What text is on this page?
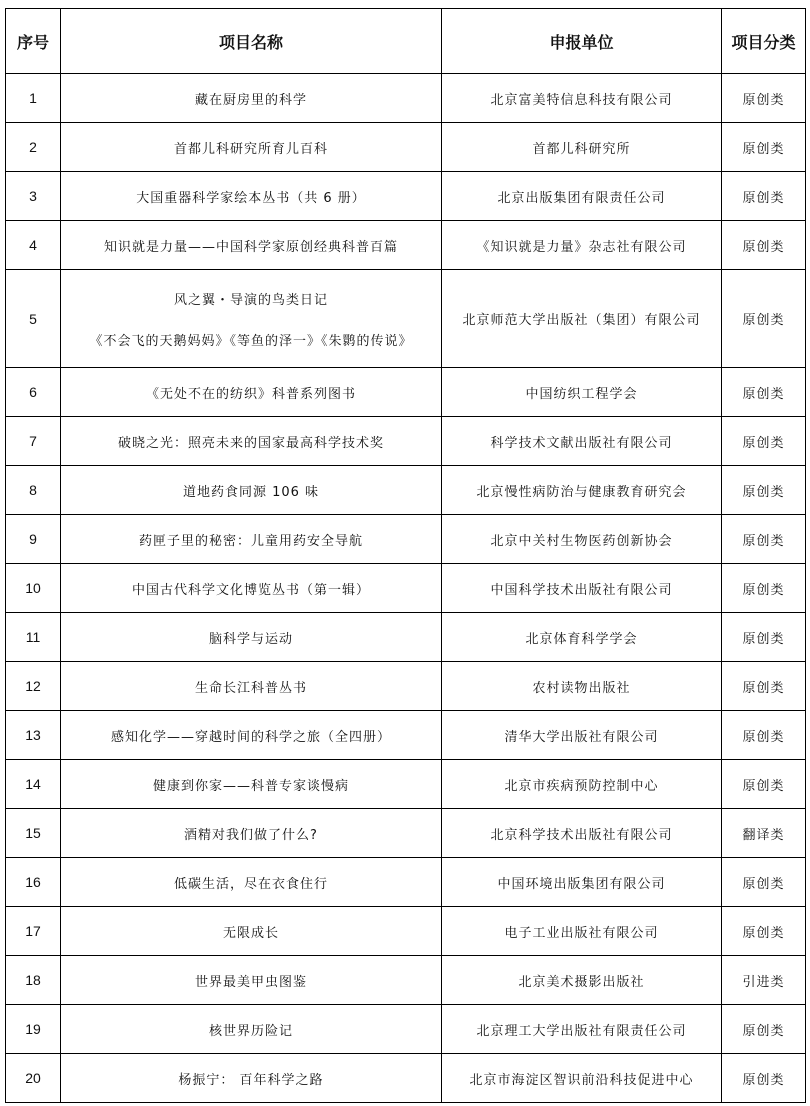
序号	项目名称	申报单位	项目分类
1	藏在厨房里的科学	北京富美特信息科技有限公司	原创类
2	首都儿科研究所育儿百科	首都儿科研究所	原创类
3	大国重器科学家绘本丛书（共 6 册）	北京出版集团有限责任公司	原创类
4	知识就是力量——中国科学家原创经典科普百篇	《知识就是力量》杂志社有限公司	原创类
5	风之翼・导演的鸟类日记
《不会飞的天鹅妈妈》《等鱼的泽一》《朱鹮的传说》	北京师范大学出版社（集团）有限公司	原创类
6	《无处不在的纺织》科普系列图书	中国纺织工程学会	原创类
7	破晓之光：照亮未来的国家最高科学技术奖	科学技术文献出版社有限公司	原创类
8	道地药食同源 106 味	北京慢性病防治与健康教育研究会	原创类
9	药匣子里的秘密：儿童用药安全导航	北京中关村生物医药创新协会	原创类
10	中国古代科学文化博览丛书（第一辑）	中国科学技术出版社有限公司	原创类
11	脑科学与运动	北京体育科学学会	原创类
12	生命长江科普丛书	农村读物出版社	原创类
13	感知化学——穿越时间的科学之旅（全四册）	清华大学出版社有限公司	原创类
14	健康到你家——科普专家谈慢病	北京市疾病预防控制中心	原创类
15	酒精对我们做了什么?	北京科学技术出版社有限公司	翻译类
16	低碳生活，尽在衣食住行	中国环境出版集团有限公司	原创类
17	无限成长	电子工业出版社有限公司	原创类
18	世界最美甲虫图鉴	北京美术摄影出版社	引进类
19	核世界历险记	北京理工大学出版社有限责任公司	原创类
20	杨振宁： 百年科学之路	北京市海淀区智识前沿科技促进中心	原创类
